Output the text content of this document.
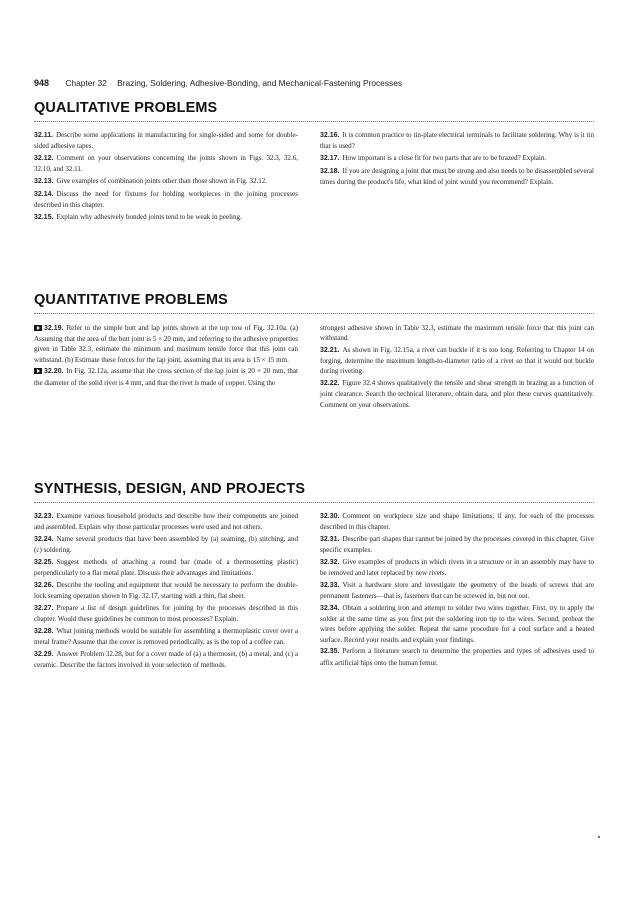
948 Chapter 32 Brazing, Soldering, Adhesive-Bonding, and Mechanical-Fastening Processes
QUALITATIVE PROBLEMS

32.11. Describe some applications in manufacturing for single-sided and some for double-sided adhesive tapes.

32.12. Comment on your observations concerning the joints shown in Figs. 32.3, 32.6, 32.10, and 32.11.

32.13. Give examples of combination joints other than those shown in Fig. 32.12.

32.14. Discuss the need for fixtures for holding workpieces in the joining processes described in this chapter.

32.15. Explain why adhesively bonded joints tend to be weak in peeling.

32.16. It is common practice to tin-plate electrical terminals to facilitate soldering. Why is it tin that is used?

32.17. How important is a close fit for two parts that are to be brazed? Explain.

32.18. If you are designing a joint that must be strong and also needs to be disassembled several times during the product's life, what kind of joint would you recommend? Explain.

QUANTITATIVE PROBLEMS

32.19. Refer to the simple butt and lap joints shown at the top row of Fig. 32.10a. (a) Assuming that the area of the butt joint is 5 × 20 mm, and referring to the adhesive properties given in Table 32.3, estimate the minimum and maximum tensile force that this joint can withstand. (b) Estimate these forces for the lap joint, assuming that its area is 15 × 15 mm.

32.20. In Fig. 32.12a, assume that the cross section of the lap joint is 20 × 20 mm, that the diameter of the solid rivet is 4 mm, and that the rivet is made of copper. Using the

strongest adhesive shown in Table 32.3, estimate the maximum tensile force that this joint can withstand.

32.21. As shown in Fig. 32.15a, a rivet can buckle if it is too long. Referring to Chapter 14 on forging, determine the maximum length-to-diameter ratio of a rivet so that it would not buckle during riveting.

32.22. Figure 32.4 shows qualitatively the tensile and shear strength in brazing as a function of joint clearance. Search the technical literature, obtain data, and plot these curves quantitatively. Comment on your observations.

SYNTHESIS, DESIGN, AND PROJECTS

32.23. Examine various household products and describe how their components are joined and assembled. Explain why those particular processes were used and not others.

32.24. Name several products that have been assembled by (a) seaming, (b) stitching, and (c) soldering.

32.25. Suggest methods of attaching a round bar (made of a thermosetting plastic) perpendicularly to a flat metal plate. Discuss their advantages and limitations.

32.26. Describe the tooling and equipment that would be necessary to perform the double-lock seaming operation shown in Fig. 32.17, starting with a thin, flat sheet.

32.27. Prepare a list of design guidelines for joining by the processes described in this chapter. Would these guidelines be common to most processes? Explain.

32.28. What joining methods would be suitable for assembling a thermoplastic cover over a metal frame? Assume that the cover is removed periodically, as is the top of a coffee can.

32.29. Answer Problem 32.28, but for a cover made of (a) a thermoset, (b) a metal, and (c) a ceramic. Describe the factors involved in your selection of methods.

32.30. Comment on workpiece size and shape limitations, if any, for each of the processes described in this chapter.

32.31. Describe part shapes that cannot be joined by the processes covered in this chapter. Give specific examples.

32.32. Give examples of products in which rivets in a structure or in an assembly may have to be removed and later replaced by new rivets.

32.33. Visit a hardware store and investigate the geometry of the heads of screws that are permanent fasteners—that is, fasteners that can be screwed in, but not out.

32.34. Obtain a soldering iron and attempt to solder two wires together. First, try to apply the solder at the same time as you first put the soldering iron tip to the wires. Second, preheat the wires before applying the solder. Repeat the same procedure for a cool surface and a heated surface. Record your results and explain your findings.

32.35. Perform a literature search to determine the properties and types of adhesives used to affix artificial hips onto the human femur.
